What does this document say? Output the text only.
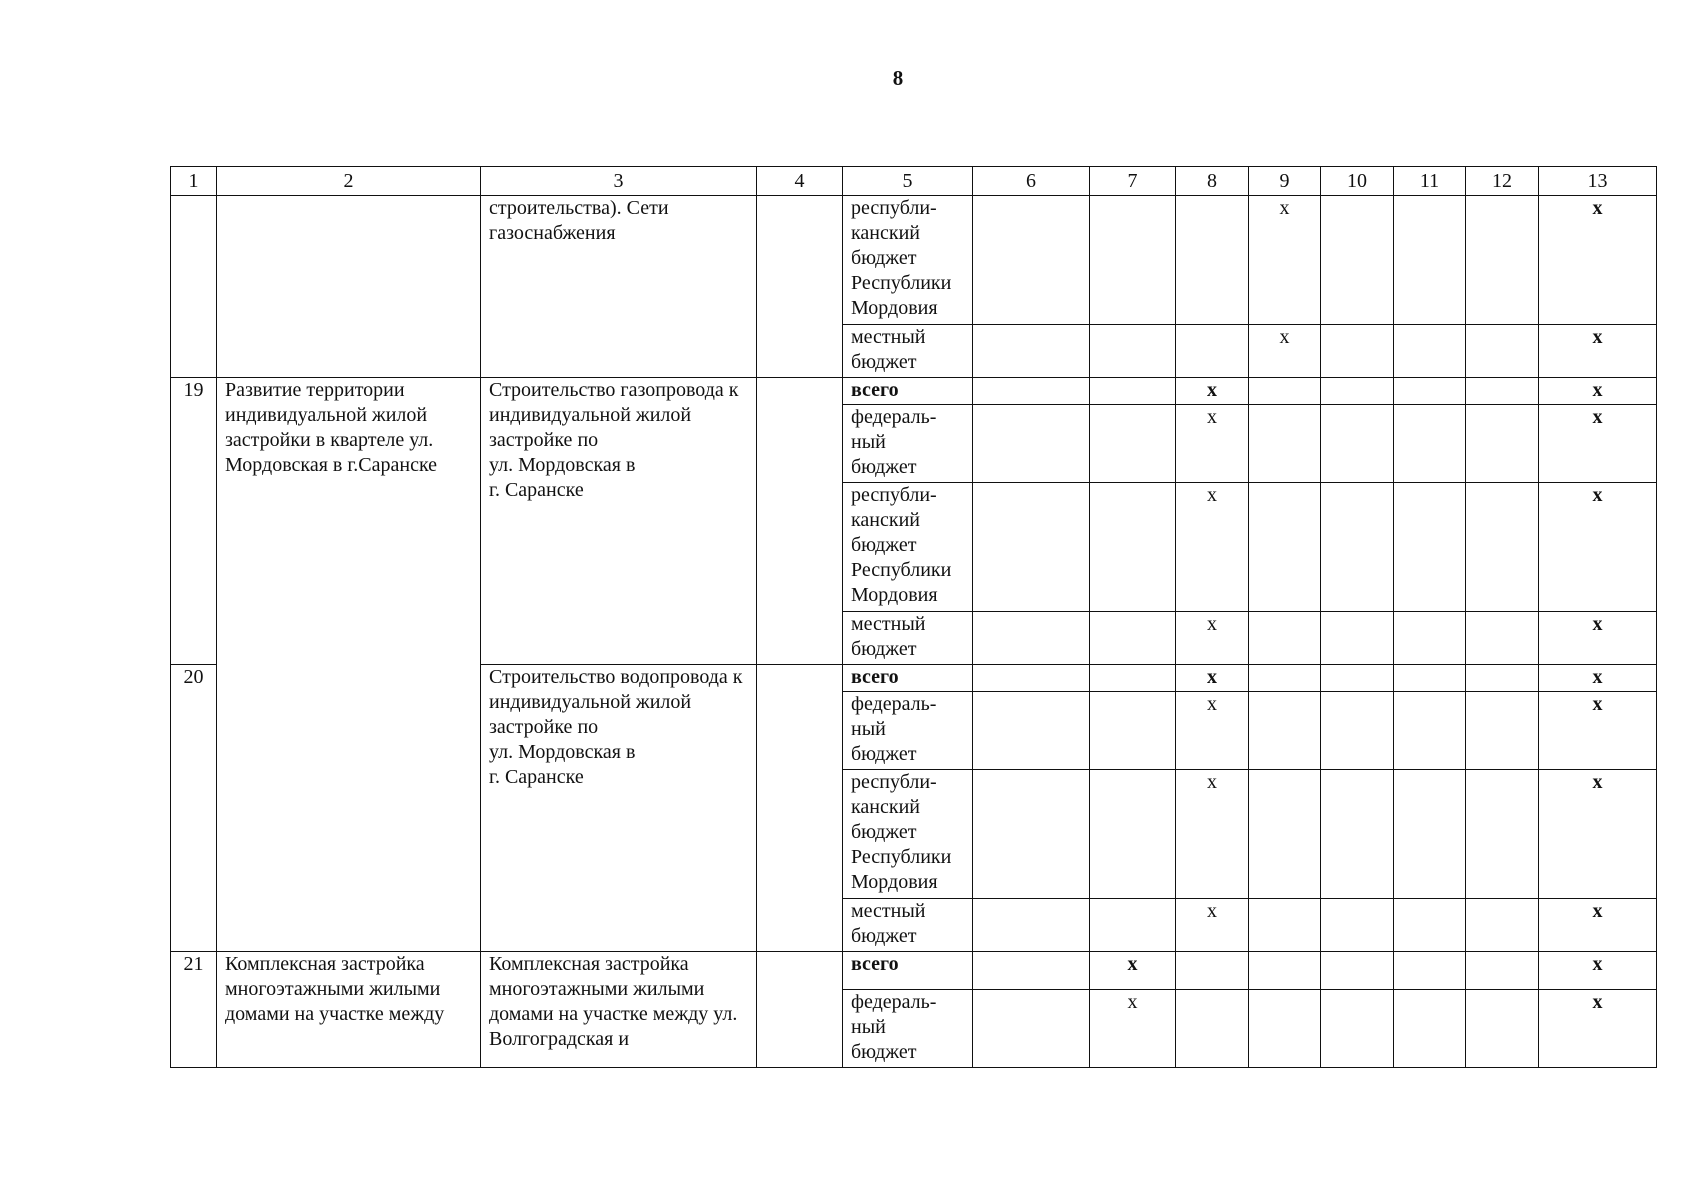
8
1	2	3	4	5	6	7	8	9	10	11	12	13
		строительства). Сети газоснабжения		республи-
канский
бюджет
Республики
Мордовия				х				х
				местный
бюджет				х				х
19	Развитие территории индивидуальной жилой застройки в квартеле ул. Мордовская в г.Саранске	Строительство газопровода к индивидуальной жилой застройке по
ул. Мордовская в
г. Саранске		всего			х					х
				федераль-
ный
бюджет			х					х
				республи-
канский
бюджет
Республики
Мордовия			х					х
				местный
бюджет			х					х
20		Строительство водопровода к индивидуальной жилой застройке по
ул. Мордовская в
г. Саранске		всего			х					х
				федераль-
ный
бюджет			х					х
				республи-
канский
бюджет
Республики
Мордовия			х					х
				местный
бюджет			х					х
21	Комплексная застройка многоэтажными жилыми домами на участке между	Комплексная застройка многоэтажными жилыми домами на участке между ул. Волгоградская и		всего		х						х
				федераль-
ный
бюджет		х						х
